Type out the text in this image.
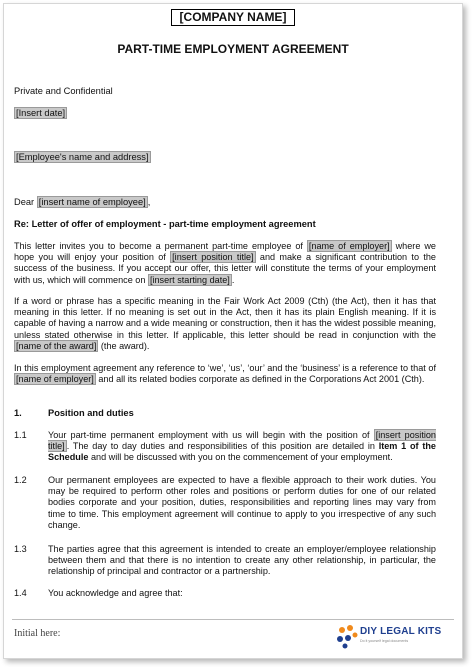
[COMPANY NAME]
PART-TIME EMPLOYMENT AGREEMENT
Private and Confidential
[Insert date]
[Employee's name and address]
Dear [insert name of employee] ,
Re: Letter of offer of employment - part-time employment agreement
This letter invites you to become a permanent part-time employee of [name of employer] where we hope you will enjoy your position of [insert position title] and make a significant contribution to the success of the business. If you accept our offer, this letter will constitute the terms of your employment with us, which will commence on [insert starting date] .
If a word or phrase has a specific meaning in the Fair Work Act 2009 (Cth) (the Act), then it has that meaning in this letter. If no meaning is set out in the Act, then it has its plain English meaning. If it is capable of having a narrow and a wide meaning or construction, then it has the widest possible meaning, unless stated otherwise in this letter. If applicable, this letter should be read in conjunction with the [name of the award] (the award).
In this employment agreement any reference to ‘we’, ‘us’, ‘our’ and the ‘business’ is a reference to that of [name of employer] and all its related bodies corporate as defined in the Corporations Act 2001 (Cth).
1.	Position and duties
1.1 Your part-time permanent employment with us will begin with the position of [insert position title] . The day to day duties and responsibilities of this position are detailed in Item 1 of the Schedule and will be discussed with you on the commencement of your employment.
1.2 Our permanent employees are expected to have a flexible approach to their work duties. You may be required to perform other roles and positions or perform duties for one of our related bodies corporate and your position, duties, responsibilities and reporting lines may vary from time to time. This employment agreement will continue to apply to you irrespective of any such change.
1.3 The parties agree that this agreement is intended to create an employer/employee relationship between them and that there is no intention to create any other relationship, in particular, the relationship of principal and contractor or a partnership.
1.4 You acknowledge and agree that:
Initial here:	DIY LEGAL KITS
Do it yourself legal documents
